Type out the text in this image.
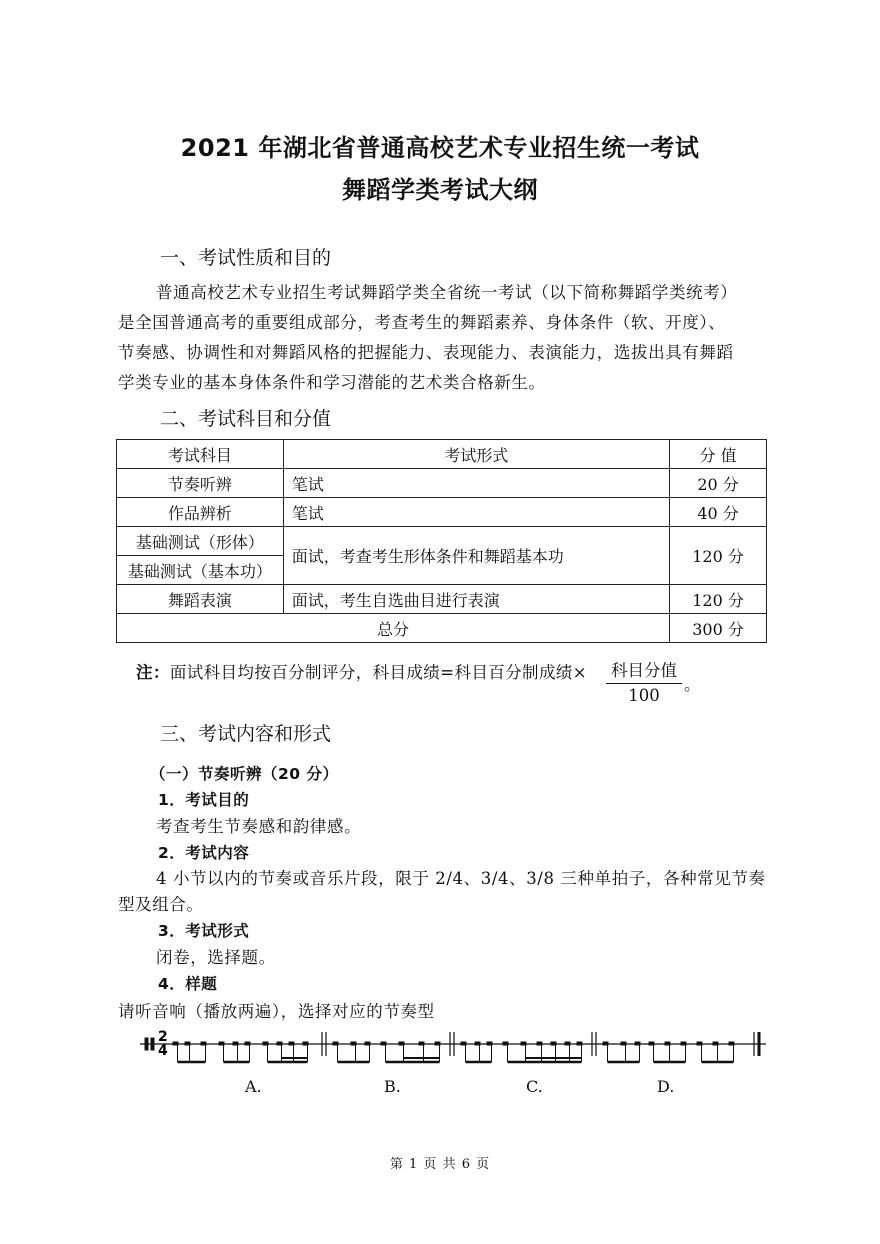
2021 年湖北省普通高校艺术专业招生统一考试
舞蹈学类考试大纲
一、考试性质和目的
普通高校艺术专业招生考试舞蹈学类全省统一考试（以下简称舞蹈学类统考）
是全国普通高考的重要组成部分，考查考生的舞蹈素养、身体条件（软、开度）、
节奏感、协调性和对舞蹈风格的把握能力、表现能力、表演能力，选拔出具有舞蹈
学类专业的基本身体条件和学习潜能的艺术类合格新生。
二、考试科目和分值
考试科目	考试形式	分 值
节奏听辨	笔试	20 分
作品辨析	笔试	40 分
基础测试（形体）	面试，考查考生形体条件和舞蹈基本功	120 分
基础测试（基本功）		
舞蹈表演	面试，考生自选曲目进行表演	120 分
总分		300 分
注：面试科目均按百分制评分，科目成绩=科目百分制成绩×	科目分值
100
。
三、考试内容和形式
（一）节奏听辨（20 分）
1．考试目的
考查考生节奏感和韵律感。
2．考试内容
4 小节以内的节奏或音乐片段，限于 2/4、3/4、3/8 三种单拍子，各种常见节奏
型及组合。
3．考试形式
闭卷，选择题。
4．样题
请听音响（播放两遍），选择对应的节奏型
2
4
A.	B.	C.	D.
第 1 页 共 6 页
